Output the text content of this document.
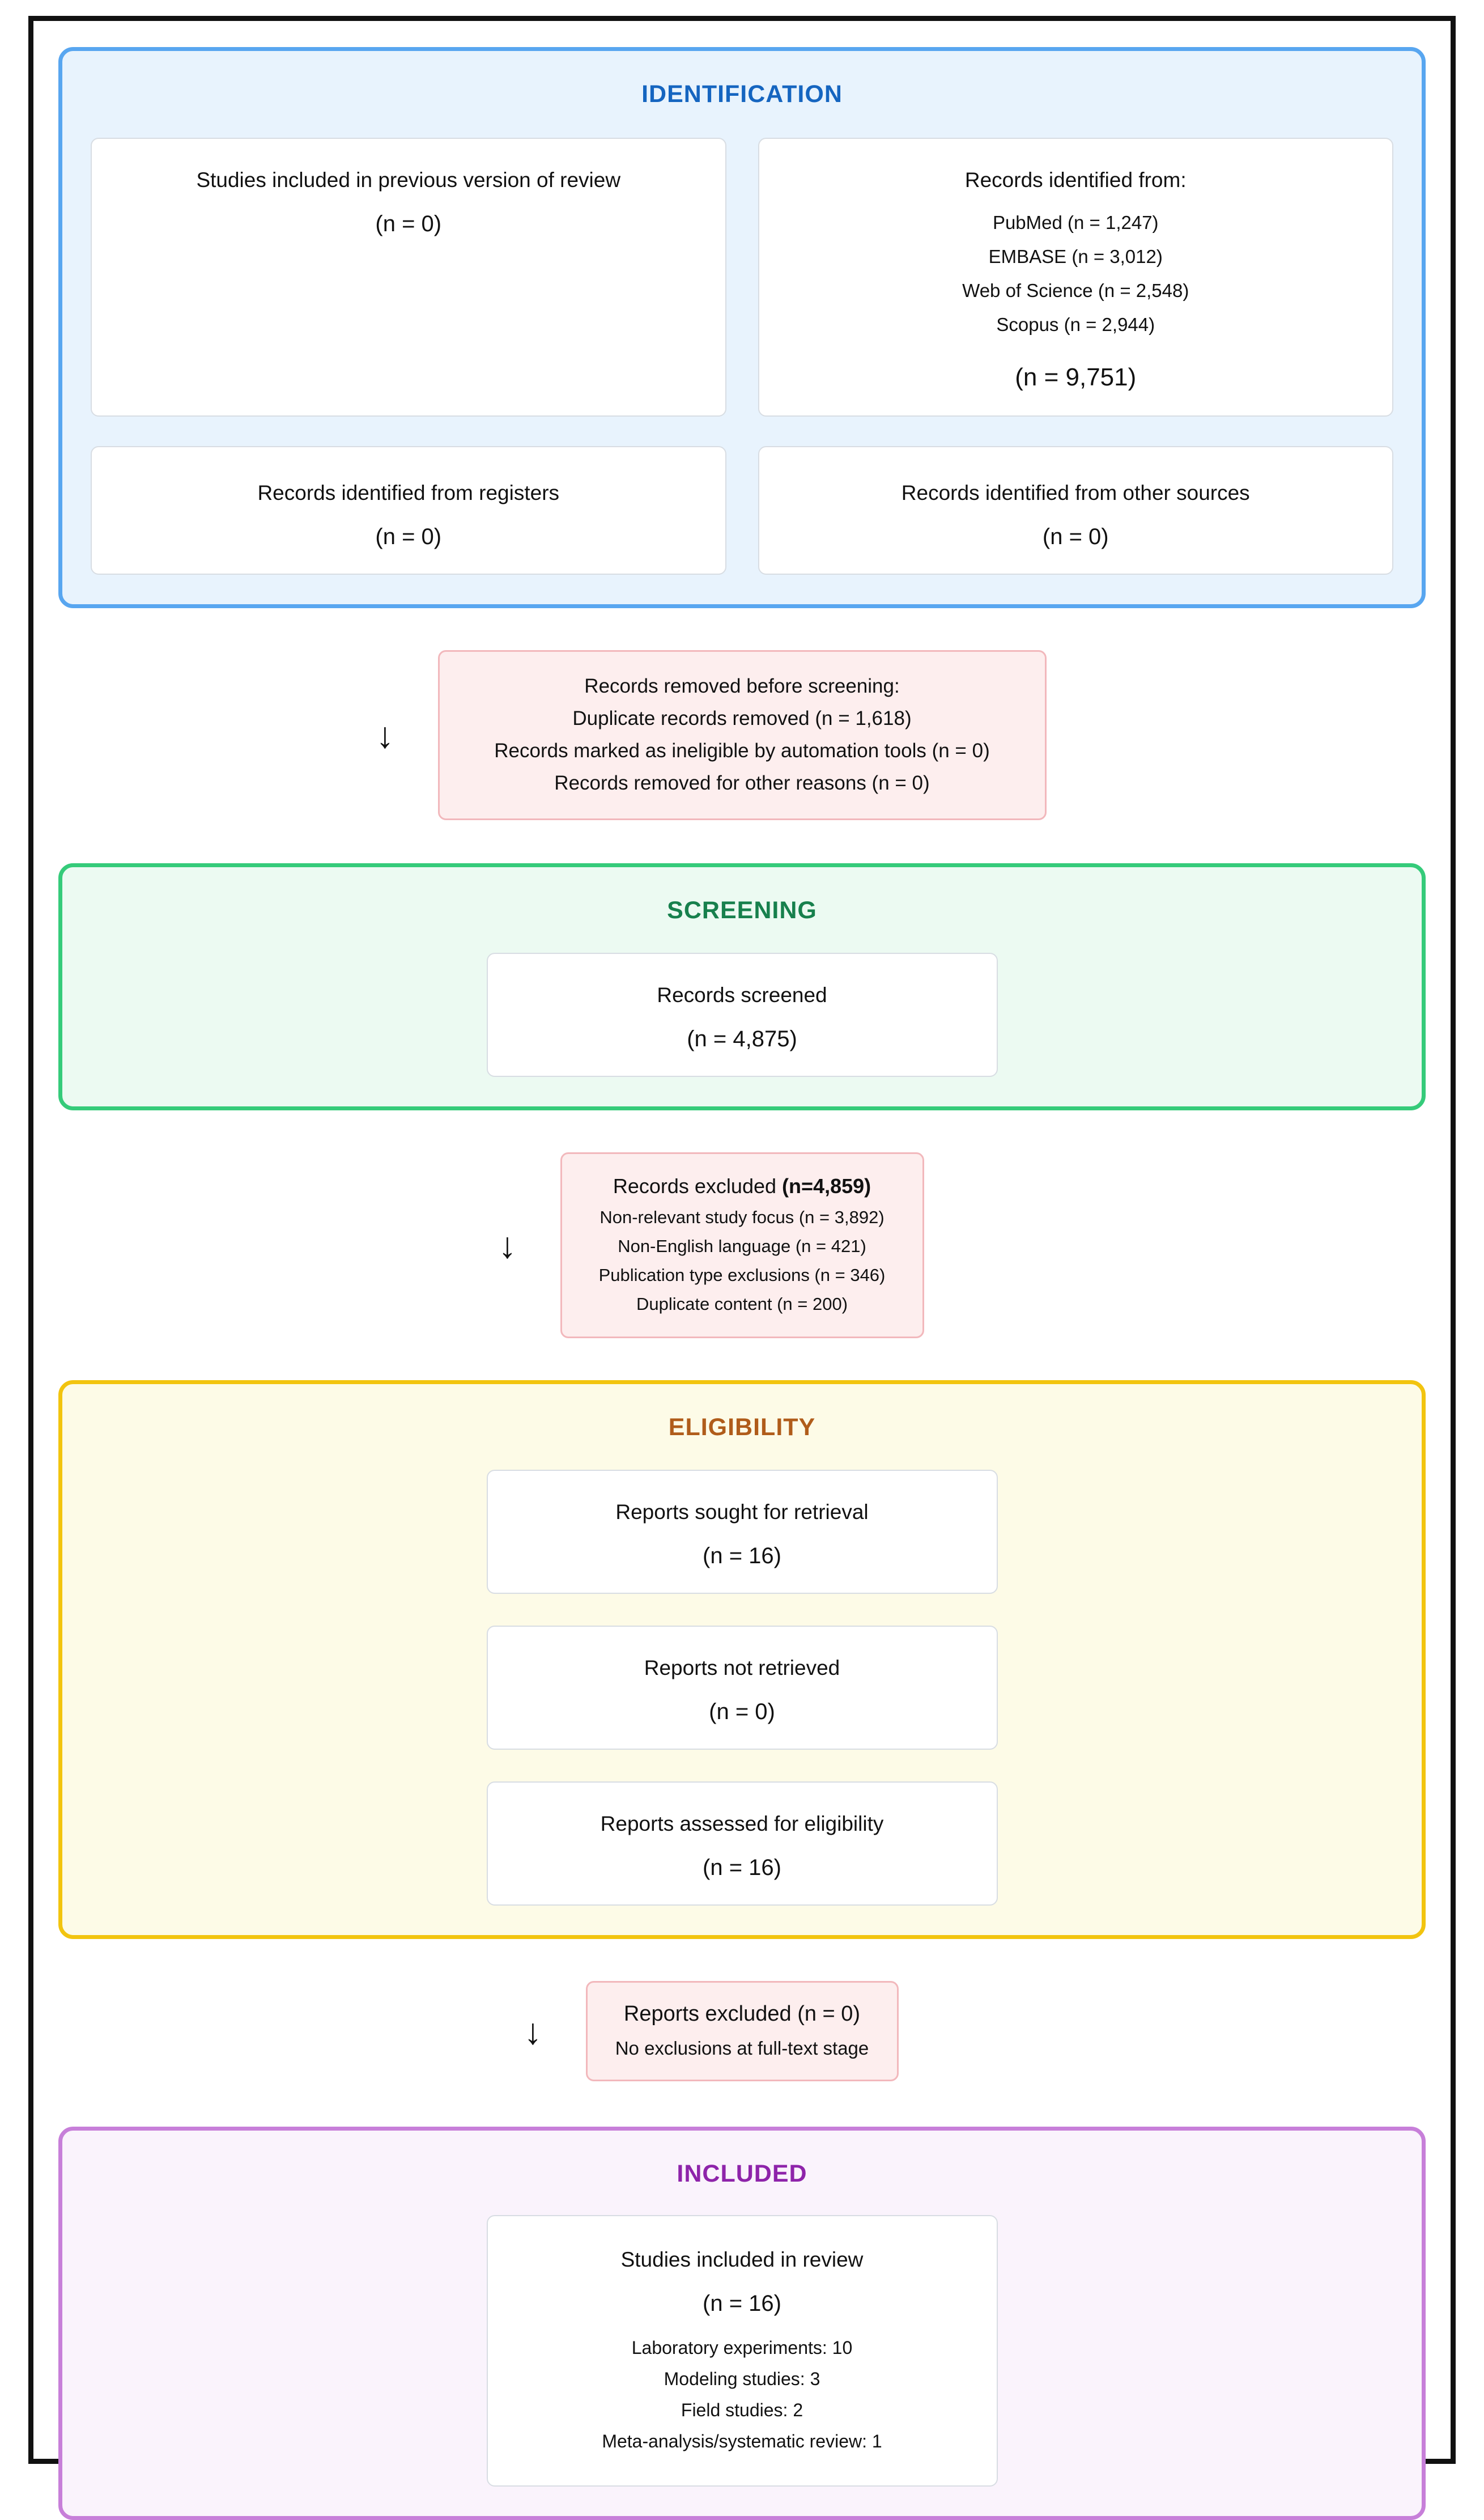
IDENTIFICATION
Studies included in previous version of review
(n = 0)
Records identified from:
PubMed (n = 1,247)
EMBASE (n = 3,012)
Web of Science (n = 2,548)
Scopus (n = 2,944)
(n = 9,751)
Records identified from registers
(n = 0)
Records identified from other sources
(n = 0)
↓
Records removed before screening:
Duplicate records removed (n = 1,618)
Records marked as ineligible by automation tools (n = 0)
Records removed for other reasons (n = 0)
SCREENING
Records screened
(n = 4,875)
↓
Records excluded (n=4,859)
Non-relevant study focus (n = 3,892)
Non-English language (n = 421)
Publication type exclusions (n = 346)
Duplicate content (n = 200)
ELIGIBILITY
Reports sought for retrieval
(n = 16)
Reports not retrieved
(n = 0)
Reports assessed for eligibility
(n = 16)
↓	Reports excluded (n = 0)
No exclusions at full-text stage
INCLUDED
Studies included in review
(n = 16)
Laboratory experiments: 10
Modeling studies: 3
Field studies: 2
Meta-analysis/systematic review: 1
